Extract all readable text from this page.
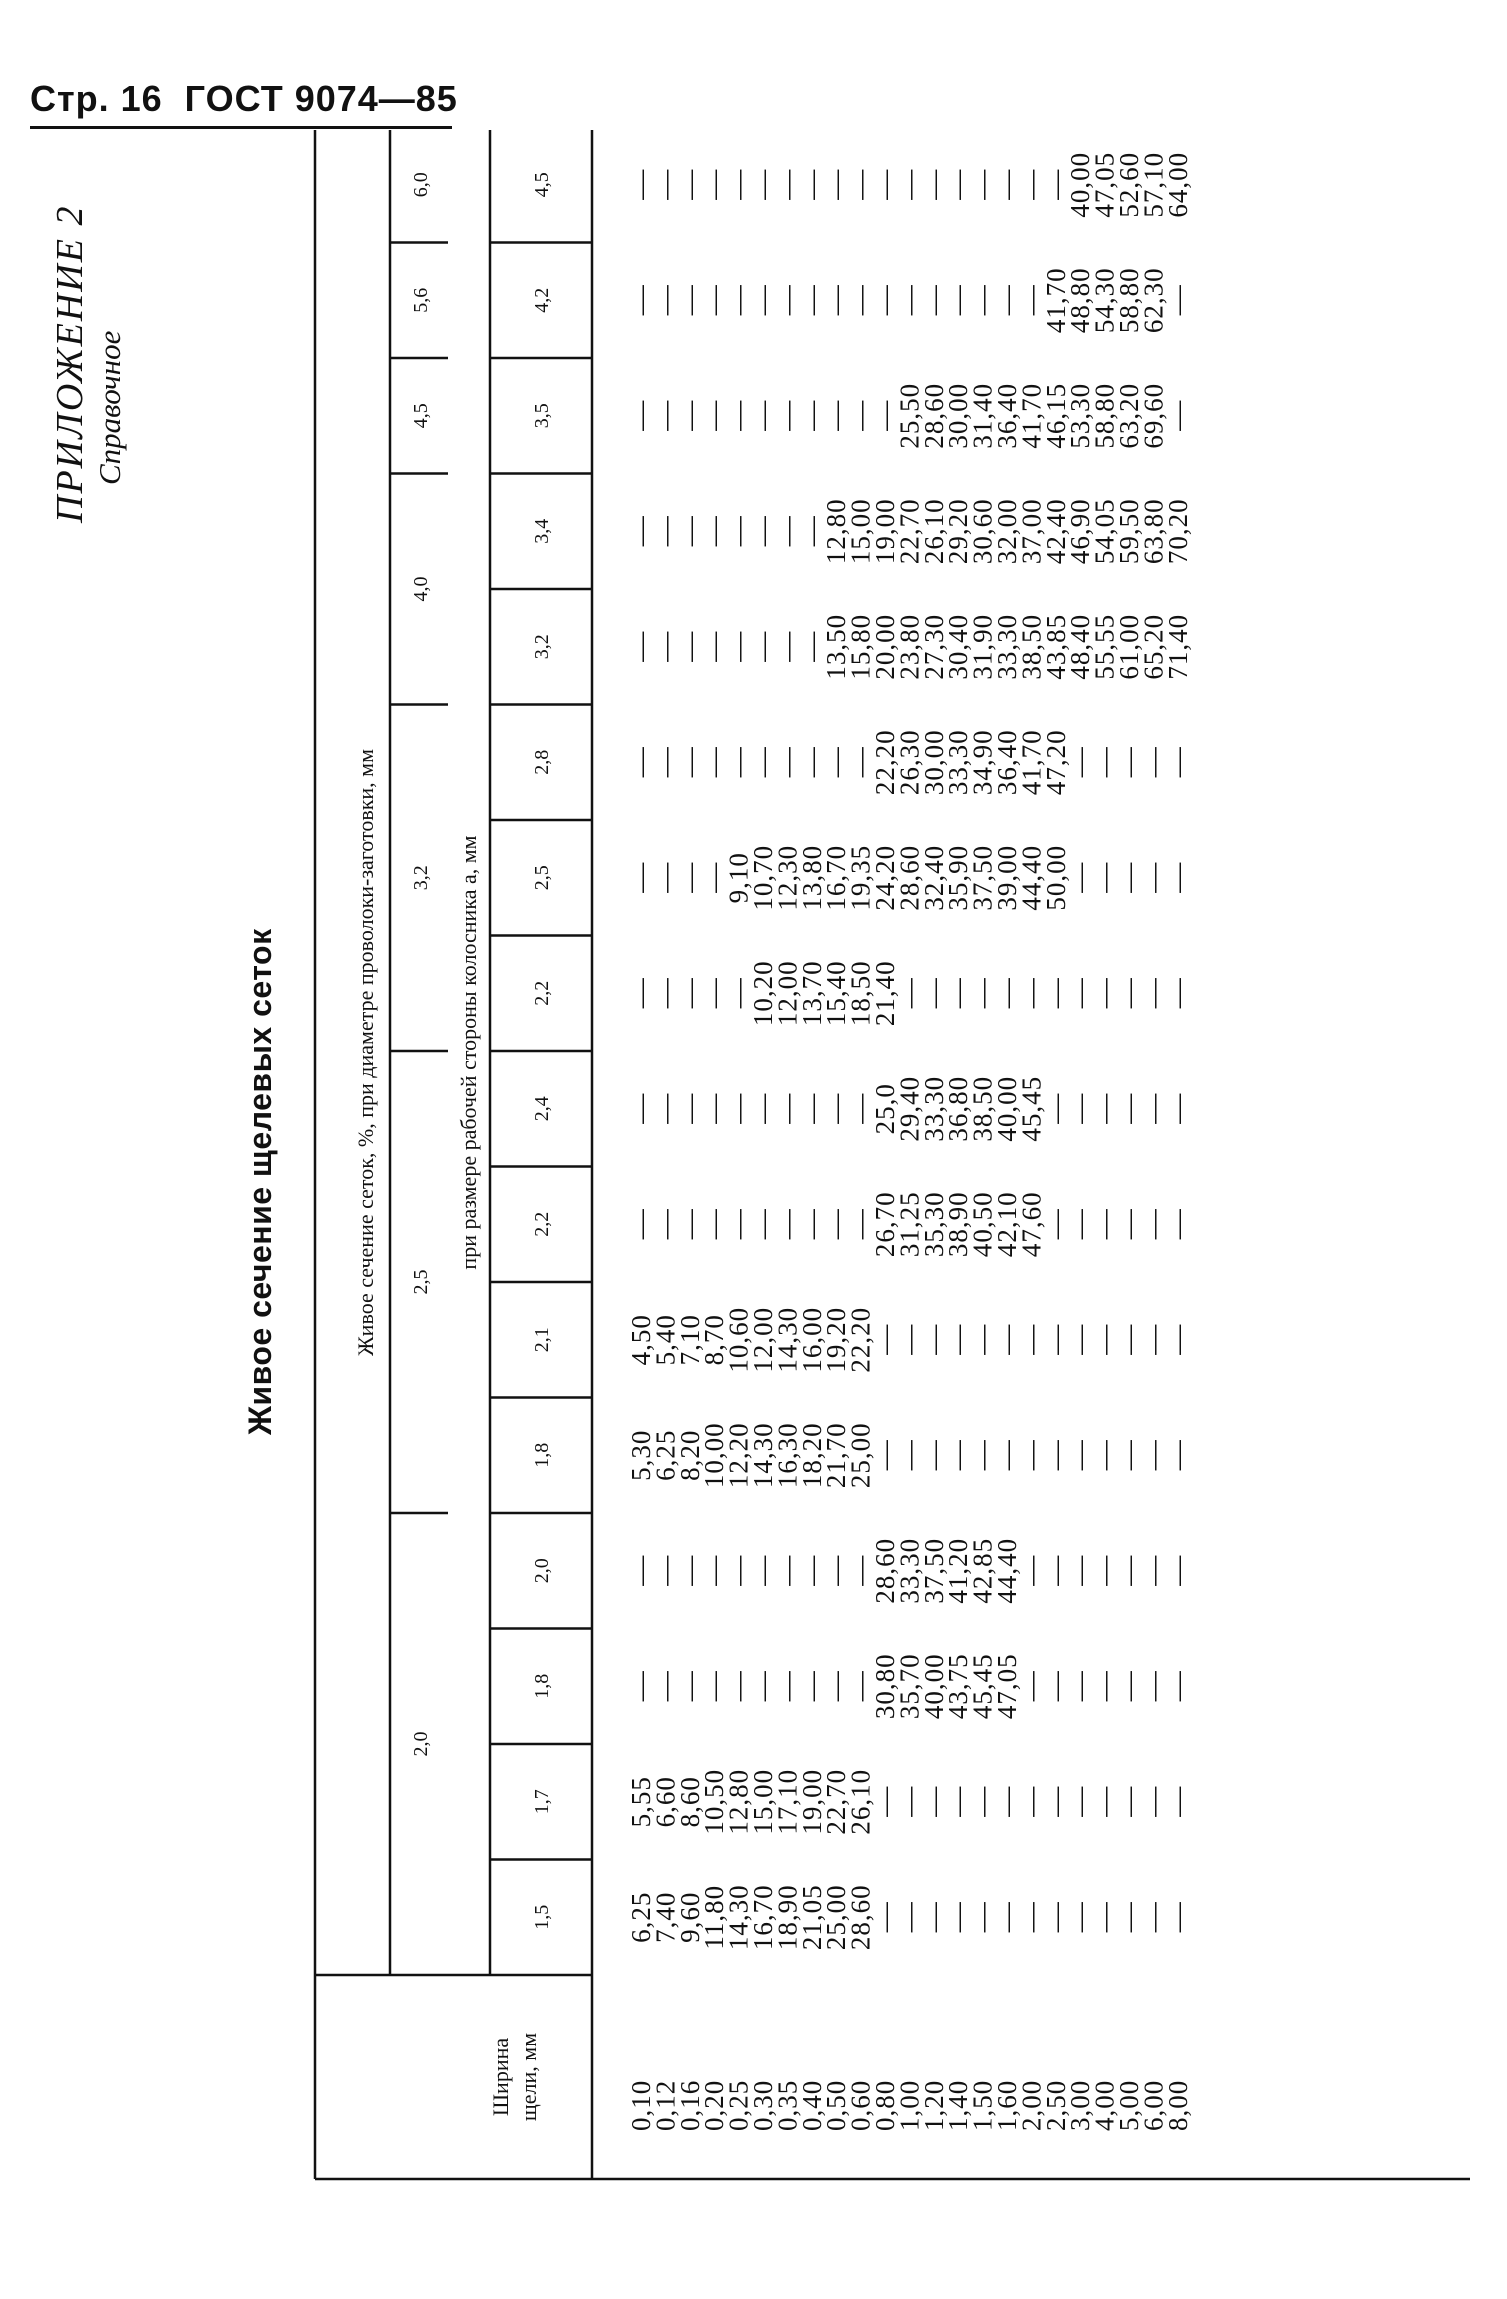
Стр. 16 ГОСТ 9074—85
ПРИЛОЖЕНИЕ 2 Справочное
Живое сечение щелевых сеток
Ширина щели, мм
Живое сечение сеток, %, при диаметре проволоки-заготовки, мм	при размере рабочей стороны колосника a, мм
2,0
2,5
3,2
4,0
4,5
5,6
6,0
1,5
1,7
1,8
2,0
1,8
2,1
2,2
2,4
2,2
2,5
2,8
3,2
3,4
3,5
4,2
4,5
0,10
6,25
5,55
—
—
5,30
4,50
—
—
—
—
—
—
—
—
—
—
0,12
7,40
6,60
—
—
6,25
5,40
—
—
—
—
—
—
—
—
—
—
0,16
9,60
8,60
—
—
8,20
7,10
—
—
—
—
—
—
—
—
—
—
0,20
11,80
10,50
—
—
10,00
8,70
—
—
—
—
—
—
—
—
—
—
0,25
14,30
12,80
—
—
12,20
10,60
—
—
—
9,10
—
—
—
—
—
—
0,30
16,70
15,00
—
—
14,30
12,00
—
—
10,20
10,70
—
—
—
—
—
—
0,35
18,90
17,10
—
—
16,30
14,30
—
—
12,00
12,30
—
—
—
—
—
—
0,40
21,05
19,00
—
—
18,20
16,00
—
—
13,70
13,80
—
—
—
—
—
—
0,50
25,00
22,70
—
—
21,70
19,20
—
—
15,40
16,70
—
13,50
12,80
—
—
—
0,60
28,60
26,10
—
—
25,00
22,20
—
—
18,50
19,35
—
15,80
15,00
—
—
—
0,80
—
—
30,80
28,60
—
—
26,70
25,0
21,40
24,20
22,20
20,00
19,00
—
—
—
1,00
—
—
35,70
33,30
—
—
31,25
29,40
—
28,60
26,30
23,80
22,70
25,50
—
—
1,20
—
—
40,00
37,50
—
—
35,30
33,30
—
32,40
30,00
27,30
26,10
28,60
—
—
1,40
—
—
43,75
41,20
—
—
38,90
36,80
—
35,90
33,30
30,40
29,20
30,00
—
—
1,50
—
—
45,45
42,85
—
—
40,50
38,50
—
37,50
34,90
31,90
30,60
31,40
—
—
1,60
—
—
47,05
44,40
—
—
42,10
40,00
—
39,00
36,40
33,30
32,00
36,40
—
—
2,00
—
—
—
—
—
—
47,60
45,45
—
44,40
41,70
38,50
37,00
41,70
—
—
2,50
—
—
—
—
—
—
—
—
—
50,00
47,20
43,85
42,40
46,15
41,70
—
3,00
—
—
—
—
—
—
—
—
—
—
—
48,40
46,90
53,30
48,80
40,00
4,00
—
—
—
—
—
—
—
—
—
—
—
55,55
54,05
58,80
54,30
47,05
5,00
—
—
—
—
—
—
—
—
—
—
—
61,00
59,50
63,20
58,80
52,60
6,00
—
—
—
—
—
—
—
—
—
—
—
65,20
63,80
69,60
62,30
57,10
8,00
—
—
—
—
—
—
—
—
—
—
—
71,40
70,20
—
—
64,00
